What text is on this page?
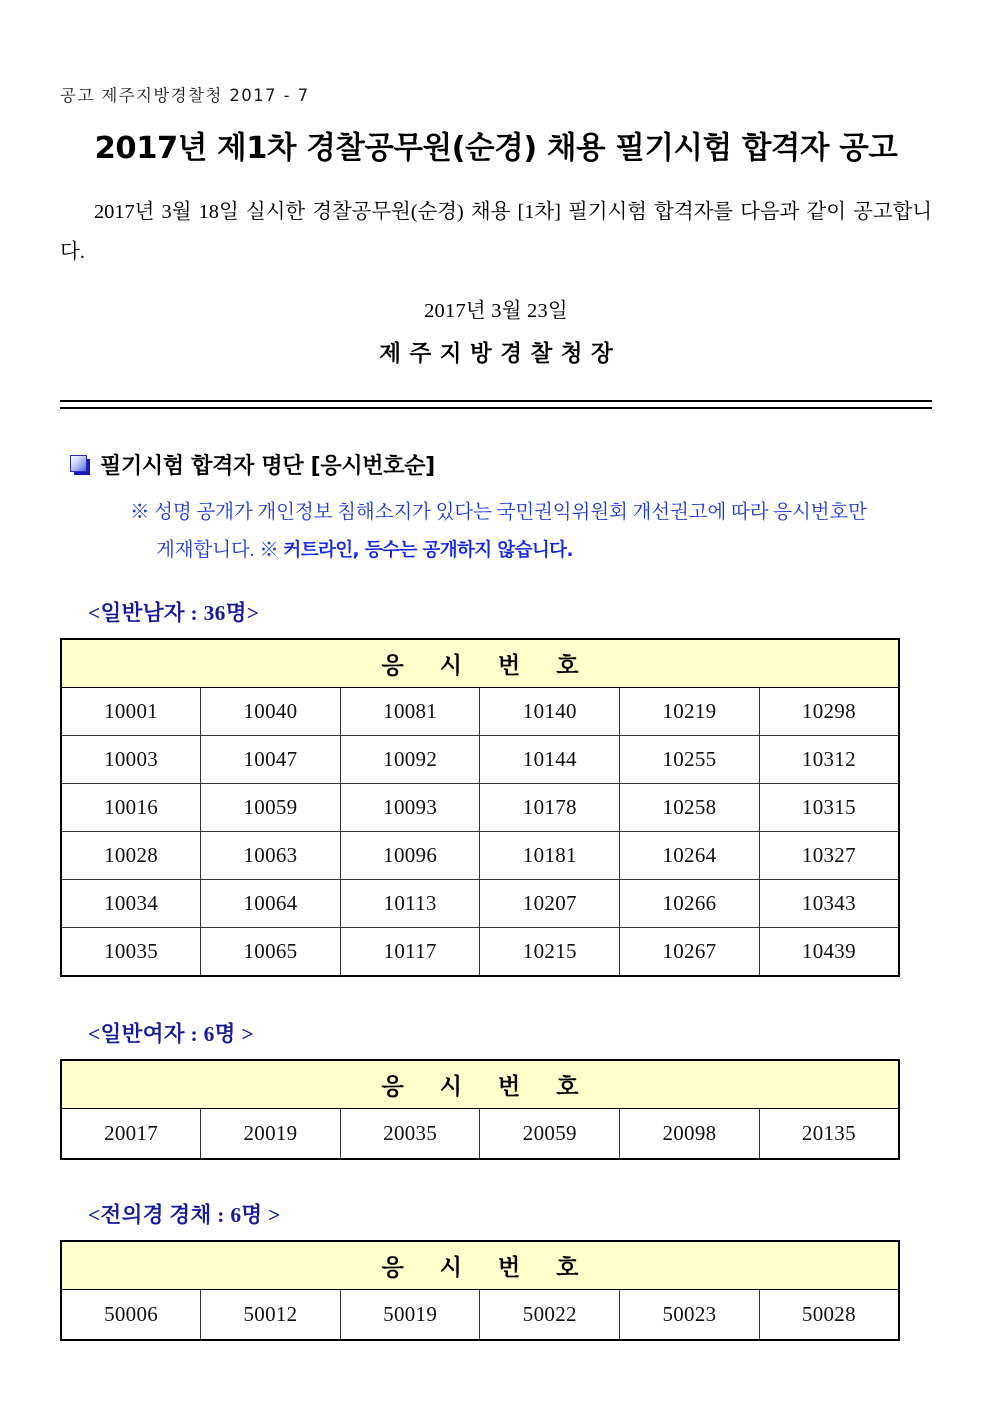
공고 제주지방경찰청 2017 - 7
2017년 제1차 경찰공무원(순경) 채용 필기시험 합격자 공고

2017년 3월 18일 실시한 경찰공무원(순경) 채용 [1차] 필기시험 합격자를 다음과 같이 공고합니다.

2017년 3월 23일
제주지방경찰청장
필기시험 합격자 명단 [응시번호순]

※ 성명 공개가 개인정보 침해소지가 있다는 국민권익위원회 개선권고에 따라 응시번호만 게재합니다. ※ 커트라인, 등수는 공개하지 않습니다.

<일반남자 : 36명>
응 시 번 호					
10001	10040	10081	10140	10219	10298
10003	10047	10092	10144	10255	10312
10016	10059	10093	10178	10258	10315
10028	10063	10096	10181	10264	10327
10034	10064	10113	10207	10266	10343
10035	10065	10117	10215	10267	10439
<일반여자 : 6명 >
응 시 번 호
20017	20019	20035	20059	20098	20135
<전의경 경채 : 6명 >
응 시 번 호
50006	50012	50019	50022	50023	50028
